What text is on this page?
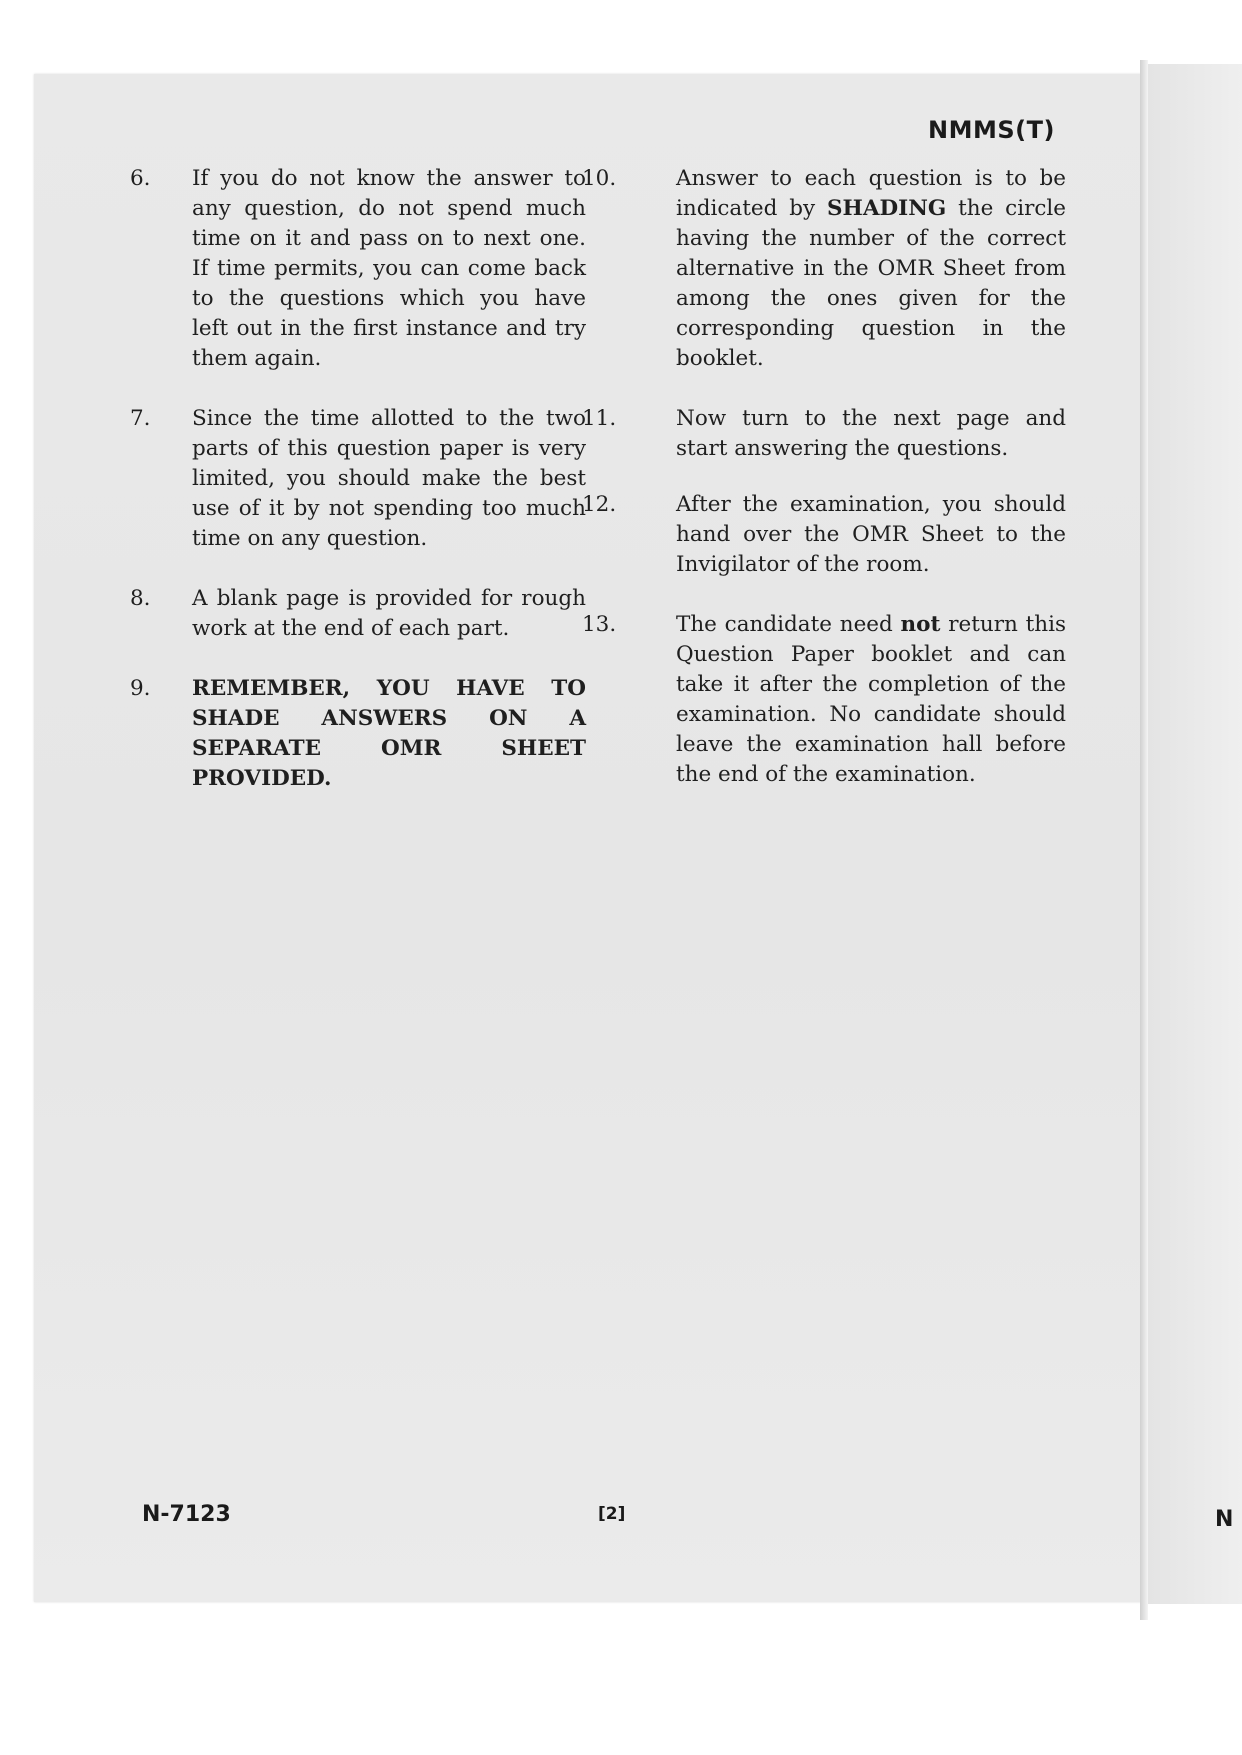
N
NMMS(T)
6. If you do not know the answer to any question, do not spend much time on it and pass on to next one. If time permits, you can come back to the questions which you have left out in the first instance and try them again.
7. Since the time allotted to the two parts of this question paper is very limited, you should make the best use of it by not spending too much time on any question.
8. A blank page is provided for rough work at the end of each part.
9. REMEMBER, YOU HAVE TO SHADE ANSWERS ON A SEPARATE OMR SHEET PROVIDED.
10.	Answer to each question is to be indicated by SHADING the circle having the number of the correct alternative in the OMR Sheet from among the ones given for the corresponding question in the booklet.
11.	Now turn to the next page and start answering the questions.
12.	After the examination, you should hand over the OMR Sheet to the Invigilator of the room.
13.	The candidate need not return this Question Paper booklet and can take it after the completion of the examination. No candidate should leave the examination hall before the end of the examination.
N-7123	[2]
